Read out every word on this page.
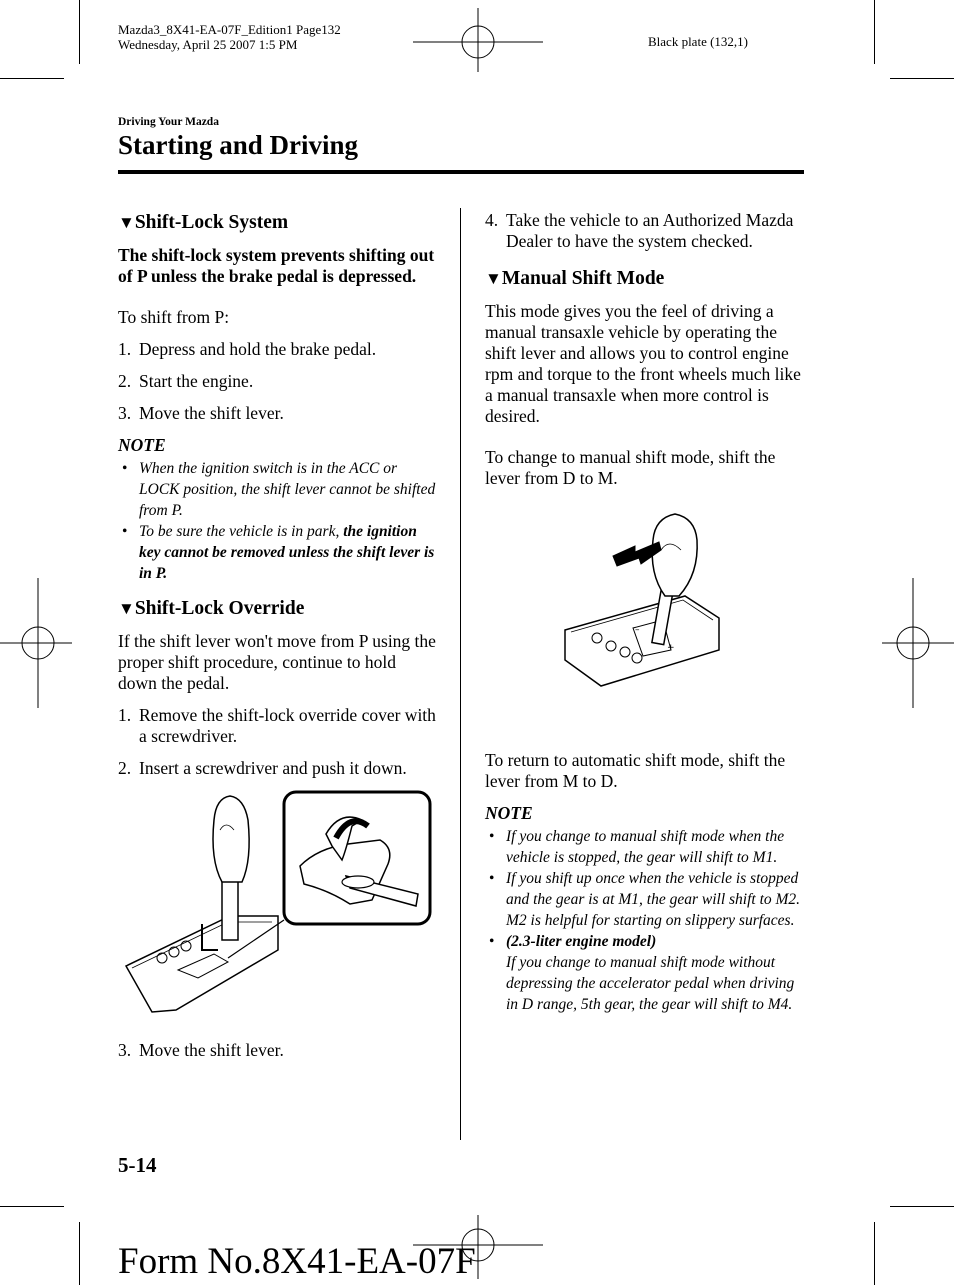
Mazda3_8X41-EA-07F_Edition1 Page132
Wednesday, April 25 2007 1:5 PM	Black plate (132,1)
Driving Your Mazda
Starting and Driving
▼Shift-Lock System
The shift-lock system prevents shifting out of P unless the brake pedal is depressed.

To shift from P:

1. Depress and hold the brake pedal.
2. Start the engine.
3. Move the shift lever.
NOTE
• When the ignition switch is in the ACC or LOCK position, the shift lever cannot be shifted from P.
• To be sure the vehicle is in park, the ignition key cannot be removed unless the shift lever is in P.
▼Shift-Lock Override

If the shift lever won't move from P using the proper shift procedure, continue to hold down the pedal.

1. Remove the shift-lock override cover with a screwdriver.
2. Insert a screwdriver and push it down.
3. Move the shift lever.
4. Take the vehicle to an Authorized Mazda Dealer to have the system checked.
▼Manual Shift Mode

This mode gives you the feel of driving a manual transaxle vehicle by operating the shift lever and allows you to control engine rpm and torque to the front wheels much like a manual transaxle when more control is desired.

To change to manual shift mode, shift the lever from D to M.

+
–

To return to automatic shift mode, shift the lever from M to D.

NOTE
• If you change to manual shift mode when the vehicle is stopped, the gear will shift to M1.
• If you shift up once when the vehicle is stopped and the gear is at M1, the gear will shift to M2. M2 is helpful for starting on slippery surfaces.
• (2.3-liter engine model)
If you change to manual shift mode without depressing the accelerator pedal when driving in D range, 5th gear, the gear will shift to M4.
5-14
Form No.8X41-EA-07F
